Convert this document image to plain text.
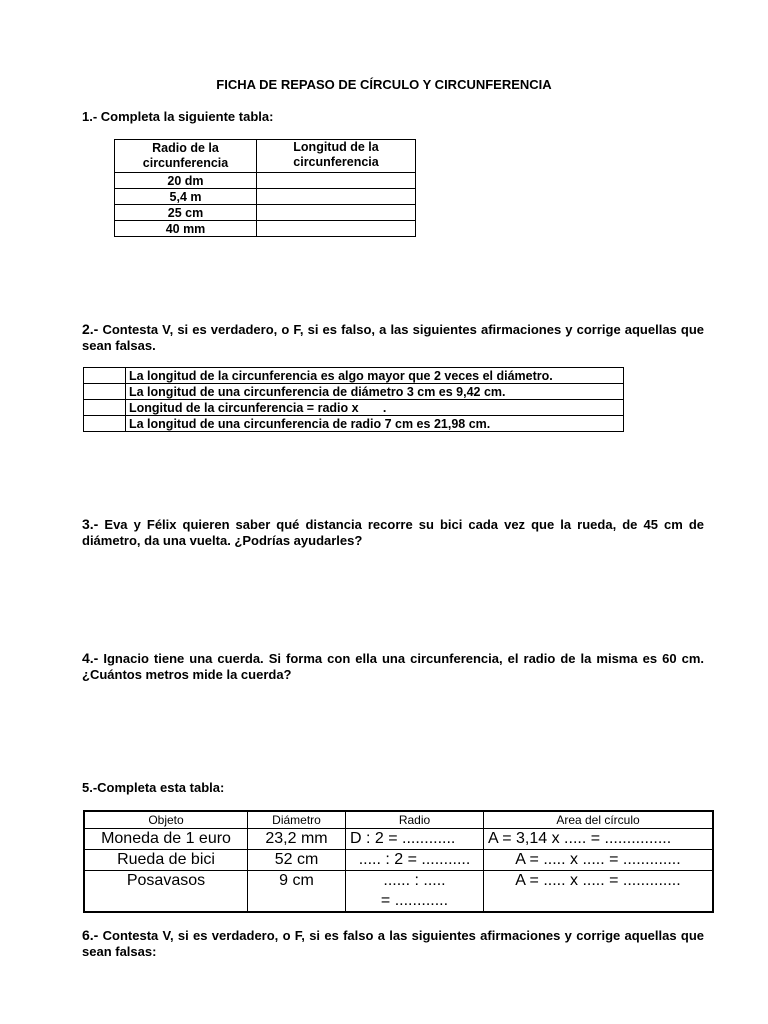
FICHA DE REPASO DE CÍRCULO Y CIRCUNFERENCIA
1.- Completa la siguiente tabla:
Radio de la circunferencia	Longitud de la circunferencia
20 dm	
5,4 m	
25 cm	
40 mm	
2.- Contesta V, si es verdadero, o F, si es falso, a las siguientes afirmaciones y corrige aquellas que sean falsas.
	La longitud de la circunferencia es algo mayor que 2 veces el diámetro.
	La longitud de una circunferencia de diámetro 3 cm es 9,42 cm.
	Longitud de la circunferencia = radio x       .
	La longitud de una circunferencia de radio 7 cm es 21,98 cm.
3.- Eva y Félix quieren saber qué distancia recorre su bici cada vez que la rueda, de 45 cm de diámetro, da una vuelta. ¿Podrías ayudarles?
4.- Ignacio tiene una cuerda. Si forma con ella una circunferencia, el radio de la misma es 60 cm. ¿Cuántos metros mide la cuerda?
5.-Completa esta tabla:
Objeto	Diámetro	Radio	Area del círculo
Moneda de 1 euro	23,2 mm	D : 2 = ............	A = 3,14 x ..... = ...............
Rueda de bici	52 cm	..... : 2 = ...........	A = ..... x ..... = .............
Posavasos	9 cm	...... : .....
= ............	A = ..... x ..... = .............
6.- Contesta V, si es verdadero, o F, si es falso a las siguientes afirmaciones y corrige aquellas que sean falsas:
